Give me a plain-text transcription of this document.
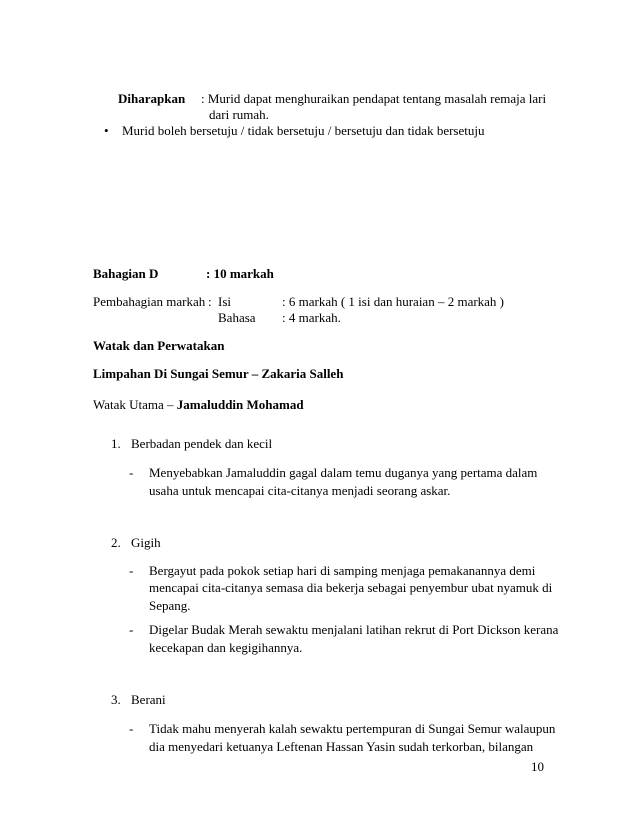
Diharapkan : Murid dapat menghuraikan pendapat tentang masalah remaja lari
dari rumah.
• Murid boleh bersetuju / tidak bersetuju / bersetuju dan tidak bersetuju
Bahagian D	: 10 markah
Pembahagian markah : Isi	: 6 markah ( 1 isi dan huraian – 2 markah )
Bahasa : 4 markah.
Watak dan Perwatakan
Limpahan Di Sungai Semur – Zakaria Salleh
Watak Utama – Jamaluddin Mohamad
1. Berbadan pendek dan kecil
- Menyebabkan Jamaluddin gagal dalam temu duganya yang pertama dalam
usaha untuk mencapai cita-citanya menjadi seorang askar.
2. Gigih
- Bergayut pada pokok setiap hari di samping menjaga pemakanannya demi
mencapai cita-citanya semasa dia bekerja sebagai penyembur ubat nyamuk di
Sepang.
- Digelar Budak Merah sewaktu menjalani latihan rekrut di Port Dickson kerana
kecekapan dan kegigihannya.
3. Berani
- Tidak mahu menyerah kalah sewaktu pertempuran di Sungai Semur walaupun
dia menyedari ketuanya Leftenan Hassan Yasin sudah terkorban, bilangan
10
